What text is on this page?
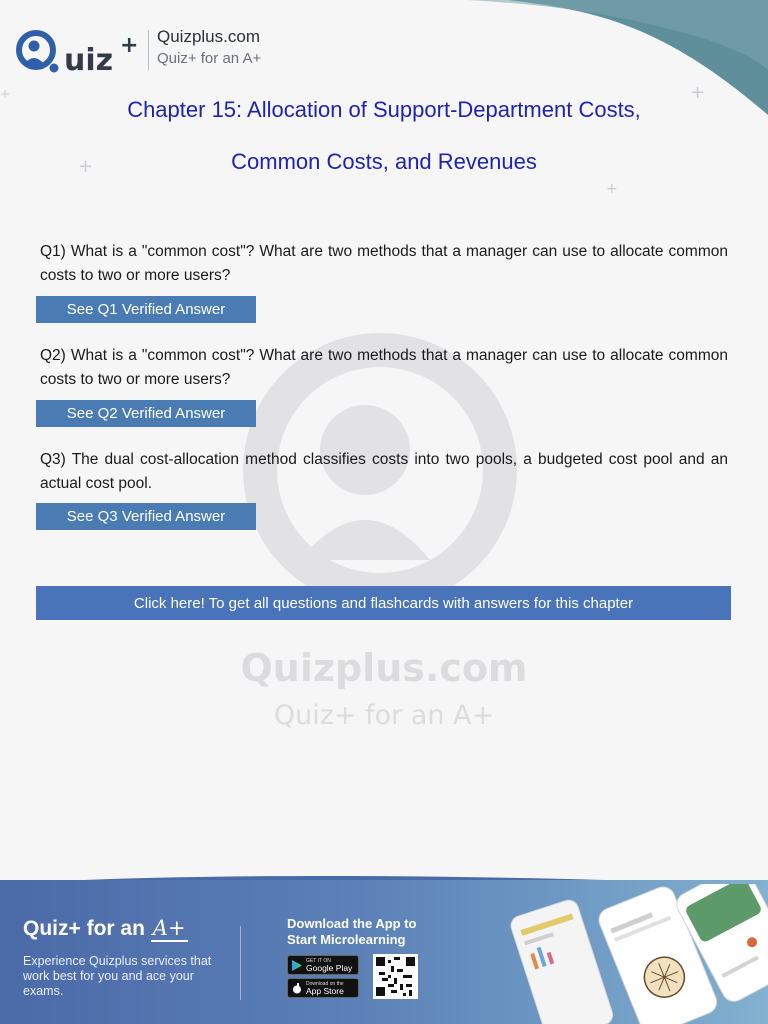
+
+
+
+
Quizplus.com
Quiz+ for an A+
uiz + Quizplus.com
Quiz+ for an A+
Chapter 15: Allocation of Support-Department Costs,
Common Costs, and Revenues
Q1) What is a "common cost"? What are two methods that a manager can use to allocate common costs to two or more users?
See Q1 Verified Answer
Q2) What is a "common cost"? What are two methods that a manager can use to allocate common costs to two or more users?
See Q2 Verified Answer
Q3) The dual cost-allocation method classifies costs into two pools, a budgeted cost pool and an actual cost pool.
See Q3 Verified Answer
Click here! To get all questions and flashcards with answers for this chapter
Quiz+ for an A+
Experience Quizplus services that work best for you and ace your exams.
Download the App to Start Microlearning
GET IT ON
Google Play
Download on the
App Store
